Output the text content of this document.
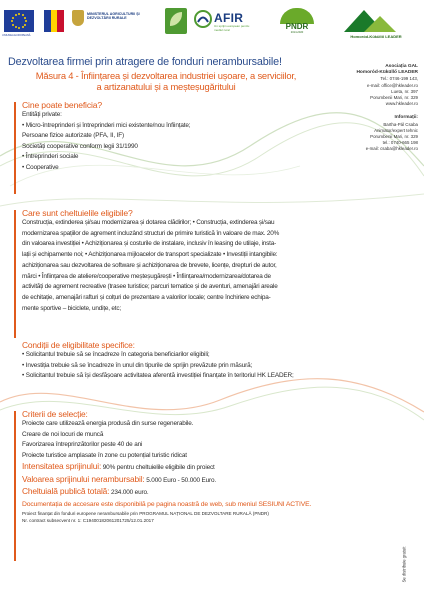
UNIUNEA EUROPEANĂ
MINISTERUL AGRICULTURII ȘI DEZVOLTĂRII RURALE	AFIR
Un sprijin european pentru mediul rural	PNDR
2014-2020
Homoród-Küküllő LEADER
Dezvoltarea firmei prin atragere de fonduri nerambursabile!
Măsura 4 - Înființarea și dezvoltarea industriei ușoare, a serviciilor,
a artizanatului și a meșteșugăritului
Asociația GAL
Homoród-Küküllő LEADER
Tel.: 0746-199 143,
e-mail: office@hkleader.ro
Lueta, nr. 397
Porumbenii Mari, nr. 329
www.hkleader.ro
Informații:
Bartha-Pál Csaba
Animator/expert tehnic
Porumbenii Mari, nr. 329
tel.: 0740-665 198
e-mail: csaba@hkleader.ro
Cine poate beneficia?
Entități private:
• Micro-întreprinderi și întreprinderi mici existente/nou înființate;
Persoane fizice autorizate (PFA, II, IF)
Societăți cooperative conform legii 31/1990
• Întreprinderi sociale
• Cooperative
Care sunt cheltuielile eligibile?
Construcția, extinderea și/sau modernizarea și dotarea clădirilor; • Construcția, extinderea și/sau
modernizarea spațiilor de agrement incluzând structuri de primire turistică în valoare de max. 20%
din valoarea investiției • Achiziționarea și costurile de instalare, inclusiv în leasing de utilaje, insta-
lații și echipamente noi; • Achiziționarea mijloacelor de transport specializate • Investiții intangibile:
achiziționarea sau dezvoltarea de software și achiziționarea de brevete, licențe, drepturi de autor,
mărci • Înființarea de ateliere/cooperative meșteșugărești • Înființarea/modernizarea/dotarea de
activități de agrement recreative (trasee turistice; parcuri tematice și de aventuri, amenajări areale
de echitație, amenajări rafturi și colțuri de prezentare a valorilor locale; centre închiriere echipa-
mente sportive – biciclete, undițe, etc;
Condiții de eligibilitate specifice:
• Solicitantul trebuie să se încadreze în categoria beneficiarilor eligibili;
• Investiția trebuie să se încadreze în unul din tipurile de sprijin prevăzute prin măsură;
• Solicitantul trebuie să își desfășoare activitatea aferentă investiției finanțate în teritoriul HK LEADER;
Criterii de selecție:
Proiecte care utilizează energia produsă din surse regenerabile.
Creare de noi locuri de muncă
Favorizarea întreprinzătorilor peste 40 de ani
Proiecte turistice amplasate în zone cu potențial turistic ridicat
Intensitatea sprijinului: 90% pentru cheltuielile eligibile din proiect
Valoarea sprijinului nerambursabil: 5.000 Euro - 50.000 Euro.
Cheltuială publică totală: 234.000 euro.
Documentația de accesare este disponibilă pe pagina noastră de web, sub meniul SESIUNI ACTIVE.
Proiect finanțat din fonduri europene nerambursabile prin PROGRAMUL NAȚIONAL DE DEZVOLTARE RURALĂ (PNDR)
Nr. contract subsecvent nr. 1: C19400182061201725/12.01.2017
Se distribuie gratuit
